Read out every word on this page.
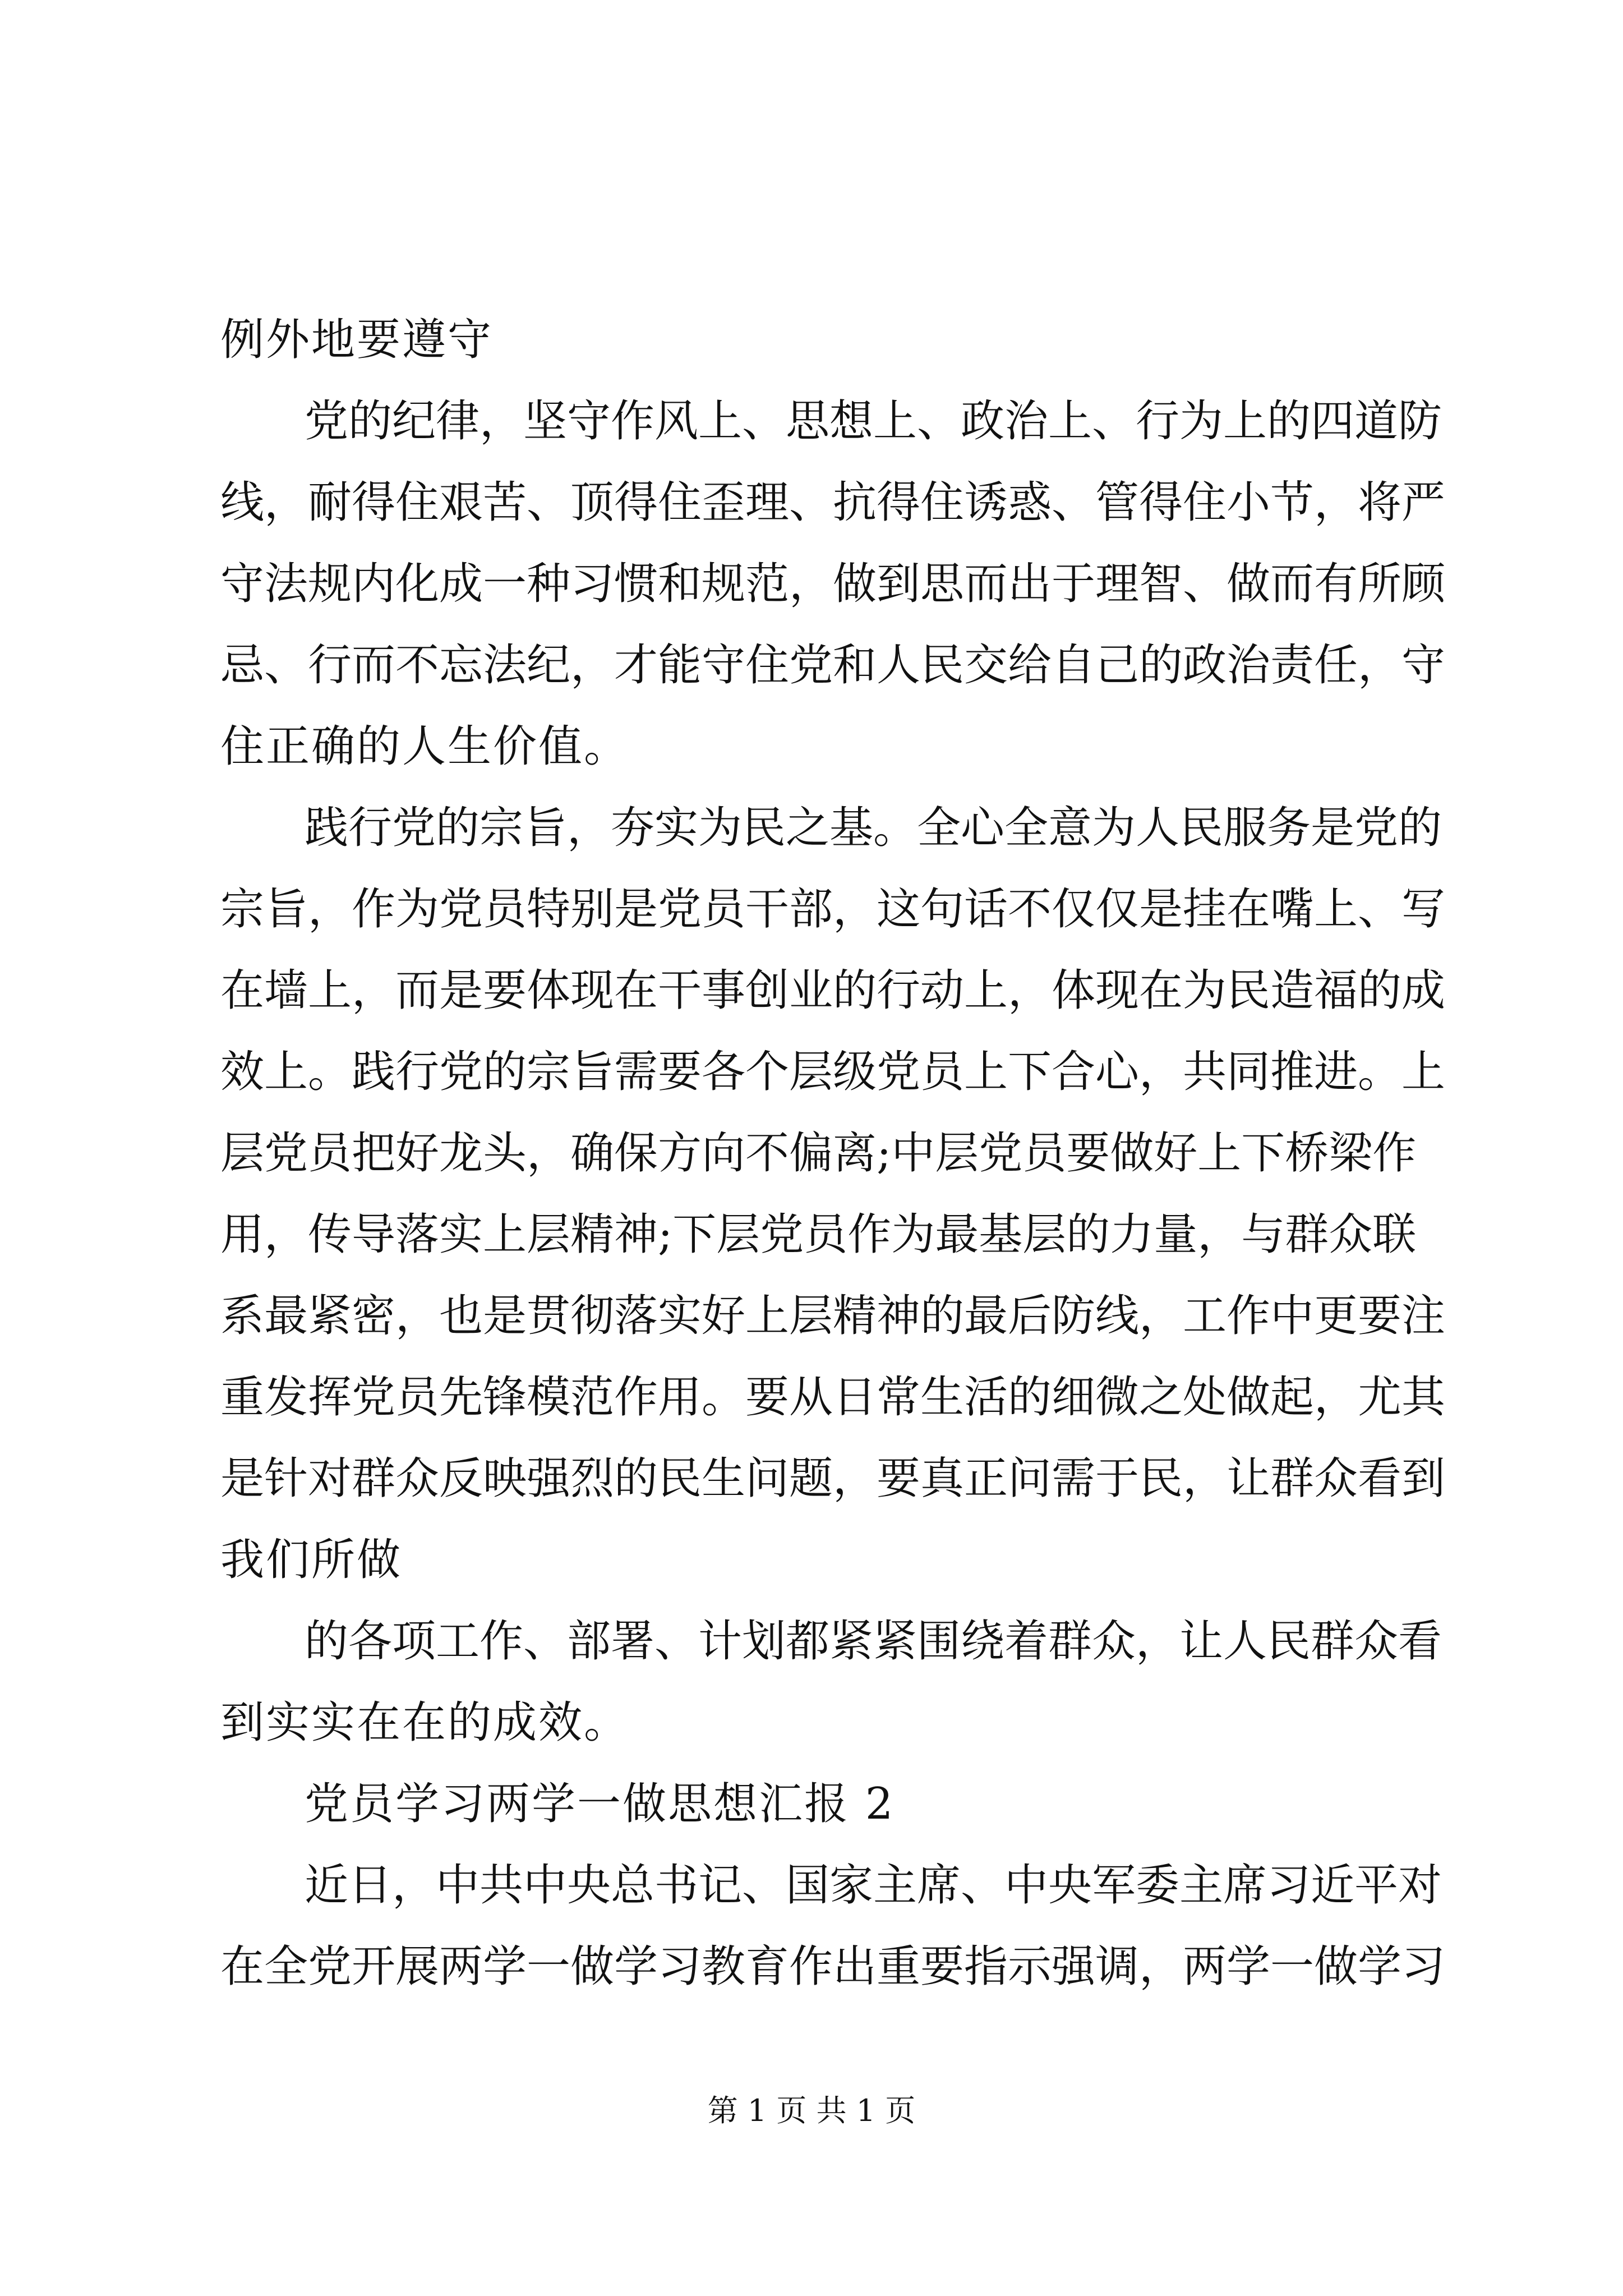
例外地要遵守
党的纪律，坚守作风上、思想上、政治上、行为上的四道防
线，耐得住艰苦、顶得住歪理、抗得住诱惑、管得住小节，将严
守法规内化成一种习惯和规范，做到思而出于理智、做而有所顾
忌、行而不忘法纪，才能守住党和人民交给自己的政治责任，守
住正确的人生价值。
践行党的宗旨，夯实为民之基。全心全意为人民服务是党的
宗旨，作为党员特别是党员干部，这句话不仅仅是挂在嘴上、写
在墙上，而是要体现在干事创业的行动上，体现在为民造福的成
效上。践行党的宗旨需要各个层级党员上下合心，共同推进。上
层党员把好龙头，确保方向不偏离;中层党员要做好上下桥梁作
用，传导落实上层精神;下层党员作为最基层的力量，与群众联
系最紧密，也是贯彻落实好上层精神的最后防线，工作中更要注
重发挥党员先锋模范作用。要从日常生活的细微之处做起，尤其
是针对群众反映强烈的民生问题，要真正问需于民，让群众看到
我们所做
的各项工作、部署、计划都紧紧围绕着群众，让人民群众看
到实实在在的成效。
党员学习两学一做思想汇报 2
近日，中共中央总书记、国家主席、中央军委主席习近平对
在全党开展两学一做学习教育作出重要指示强调，两学一做学习
第 1 页 共 1 页
